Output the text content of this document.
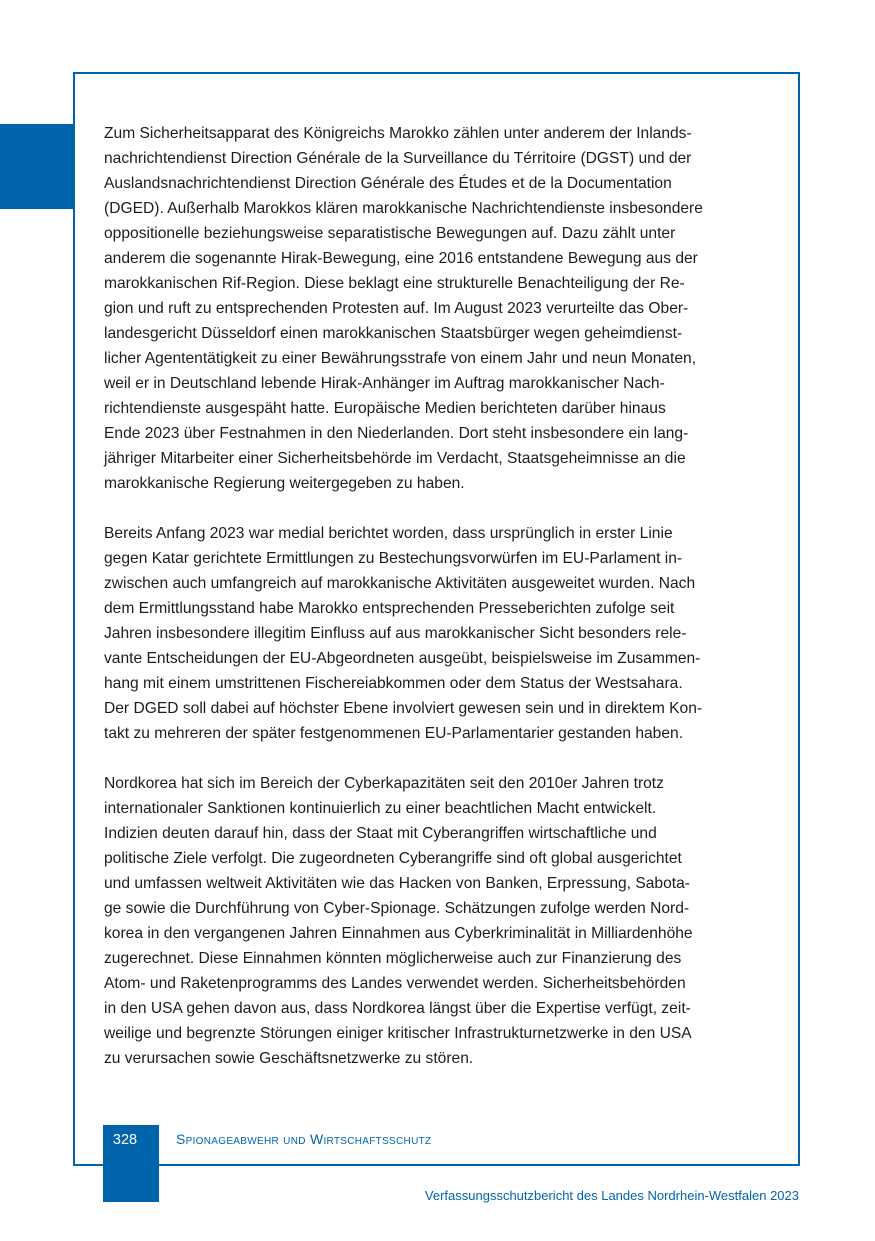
Zum Sicherheitsapparat des Königreichs Marokko zählen unter anderem der Inlands-
nachrichtendienst Direction Générale de la Surveillance du Térritoire (DGST) und der
Auslandsnachrichtendienst Direction Générale des Études et de la Documentation
(DGED). Außerhalb Marokkos klären marokkanische Nachrichtendienste insbesondere
oppositionelle beziehungsweise separatistische Bewegungen auf. Dazu zählt unter
anderem die sogenannte Hirak-Bewegung, eine 2016 entstandene Bewegung aus der
marokkanischen Rif-Region. Diese beklagt eine strukturelle Benachteiligung der Re-
gion und ruft zu entsprechenden Protesten auf. Im August 2023 verurteilte das Ober-
landesgericht Düsseldorf einen marokkanischen Staatsbürger wegen geheimdienst-
licher Agententätigkeit zu einer Bewährungsstrafe von einem Jahr und neun Monaten,
weil er in Deutschland lebende Hirak-Anhänger im Auftrag marokkanischer Nach-
richtendienste ausgespäht hatte. Europäische Medien berichteten darüber hinaus
Ende 2023 über Festnahmen in den Niederlanden. Dort steht insbesondere ein lang-
jähriger Mitarbeiter einer Sicherheitsbehörde im Verdacht, Staatsgeheimnisse an die
marokkanische Regierung weitergegeben zu haben.

Bereits Anfang 2023 war medial berichtet worden, dass ursprünglich in erster Linie
gegen Katar gerichtete Ermittlungen zu Bestechungsvorwürfen im EU-Parlament in-
zwischen auch umfangreich auf marokkanische Aktivitäten ausgeweitet wurden. Nach
dem Ermittlungsstand habe Marokko entsprechenden Presseberichten zufolge seit
Jahren insbesondere illegitim Einfluss auf aus marokkanischer Sicht besonders rele-
vante Entscheidungen der EU-Abgeordneten ausgeübt, beispielsweise im Zusammen-
hang mit einem umstrittenen Fischereiabkommen oder dem Status der Westsahara.
Der DGED soll dabei auf höchster Ebene involviert gewesen sein und in direktem Kon-
takt zu mehreren der später festgenommenen EU-Parlamentarier gestanden haben.

Nordkorea hat sich im Bereich der Cyberkapazitäten seit den 2010er Jahren trotz
internationaler Sanktionen kontinuierlich zu einer beachtlichen Macht entwickelt.
Indizien deuten darauf hin, dass der Staat mit Cyberangriffen wirtschaftliche und
politische Ziele verfolgt. Die zugeordneten Cyberangriffe sind oft global ausgerichtet
und umfassen weltweit Aktivitäten wie das Hacken von Banken, Erpressung, Sabota-
ge sowie die Durchführung von Cyber-Spionage. Schätzungen zufolge werden Nord-
korea in den vergangenen Jahren Einnahmen aus Cyberkriminalität in Milliardenhöhe
zugerechnet. Diese Einnahmen könnten möglicherweise auch zur Finanzierung des
Atom- und Raketenprogramms des Landes verwendet werden. Sicherheitsbehörden
in den USA gehen davon aus, dass Nordkorea längst über die Expertise verfügt, zeit-
weilige und begrenzte Störungen einiger kritischer Infrastrukturnetzwerke in den USA
zu verursachen sowie Geschäftsnetzwerke zu stören.

328	Spionageabwehr und Wirtschaftsschutz
Verfassungsschutzbericht des Landes Nordrhein-Westfalen 2023
